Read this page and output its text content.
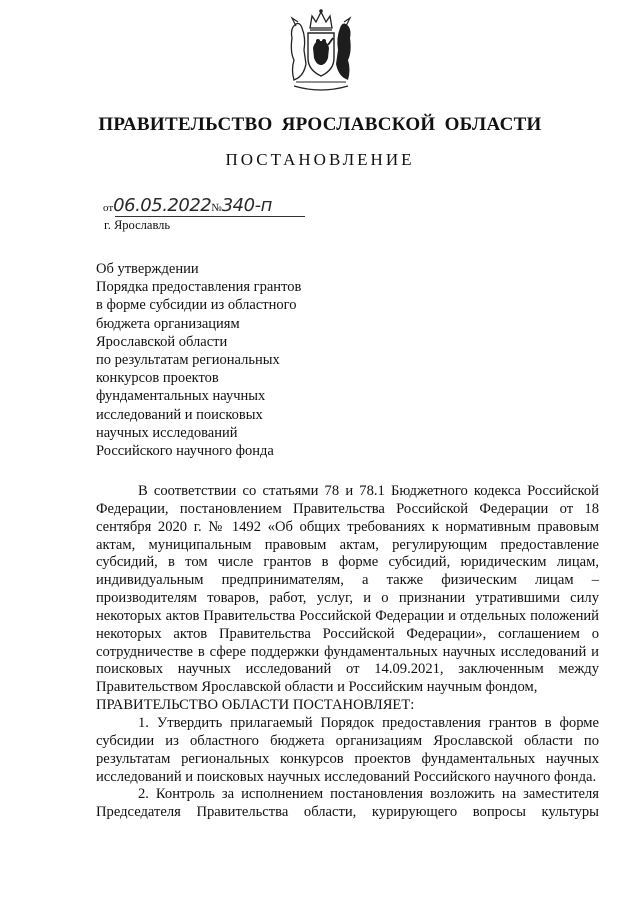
ПРАВИТЕЛЬСТВО ЯРОСЛАВСКОЙ ОБЛАСТИ
ПОСТАНОВЛЕНИЕ
от06.05.2022№340-п
г. Ярославль
Об утверждении
Порядка предоставления грантов
в форме субсидии из областного
бюджета организациям
Ярославской области
по результатам региональных
конкурсов проектов
фундаментальных научных
исследований и поисковых
научных исследований
Российского научного фонда

В соответствии со статьями 78 и 78.1 Бюджетного кодекса Российской Федерации, постановлением Правительства Российской Федерации от 18 сентября 2020 г. № 1492 «Об общих требованиях к нормативным правовым актам, муниципальным правовым актам, регулирующим предоставление субсидий, в том числе грантов в форме субсидий, юридическим лицам, индивидуальным предпринимателям, а также физическим лицам – производителям товаров, работ, услуг, и о признании утратившими силу некоторых актов Правительства Российской Федерации и отдельных положений некоторых актов Правительства Российской Федерации», соглашением о сотрудничестве в сфере поддержки фундаментальных научных исследований и поисковых научных исследований от 14.09.2021, заключенным между Правительством Ярославской области и Российским научным фондом,

ПРАВИТЕЛЬСТВО ОБЛАСТИ ПОСТАНОВЛЯЕТ:

1. Утвердить прилагаемый Порядок предоставления грантов в форме субсидии из областного бюджета организациям Ярославской области по результатам региональных конкурсов проектов фундаментальных научных исследований и поисковых научных исследований Российского научного фонда.

2. Контроль за исполнением постановления возложить на заместителя Председателя Правительства области, курирующего вопросы культуры
